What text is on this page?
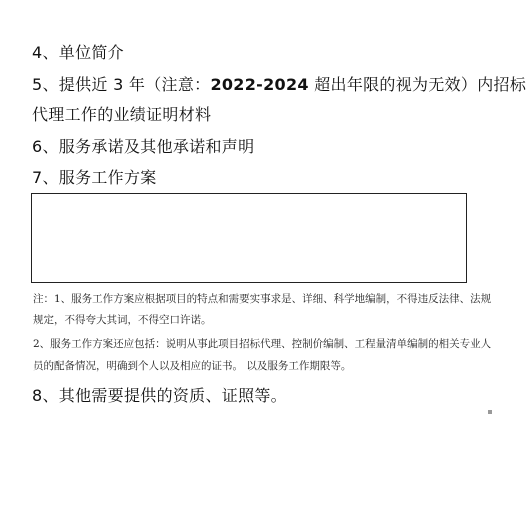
4、单位简介
5、提供近 3 年（注意：2022-2024 超出年限的视为无效）内招标
代理工作的业绩证明材料
6、服务承诺及其他承诺和声明
7、服务工作方案

注：1、服务工作方案应根据项目的特点和需要实事求是、详细、科学地编制，不得违反法律、法规

规定，不得夸大其词，不得空口许诺。

2、服务工作方案还应包括：说明从事此项目招标代理、控制价编制、工程量清单编制的相关专业人

员的配备情况，明确到个人以及相应的证书。 以及服务工作期限等。

8、其他需要提供的资质、证照等。
